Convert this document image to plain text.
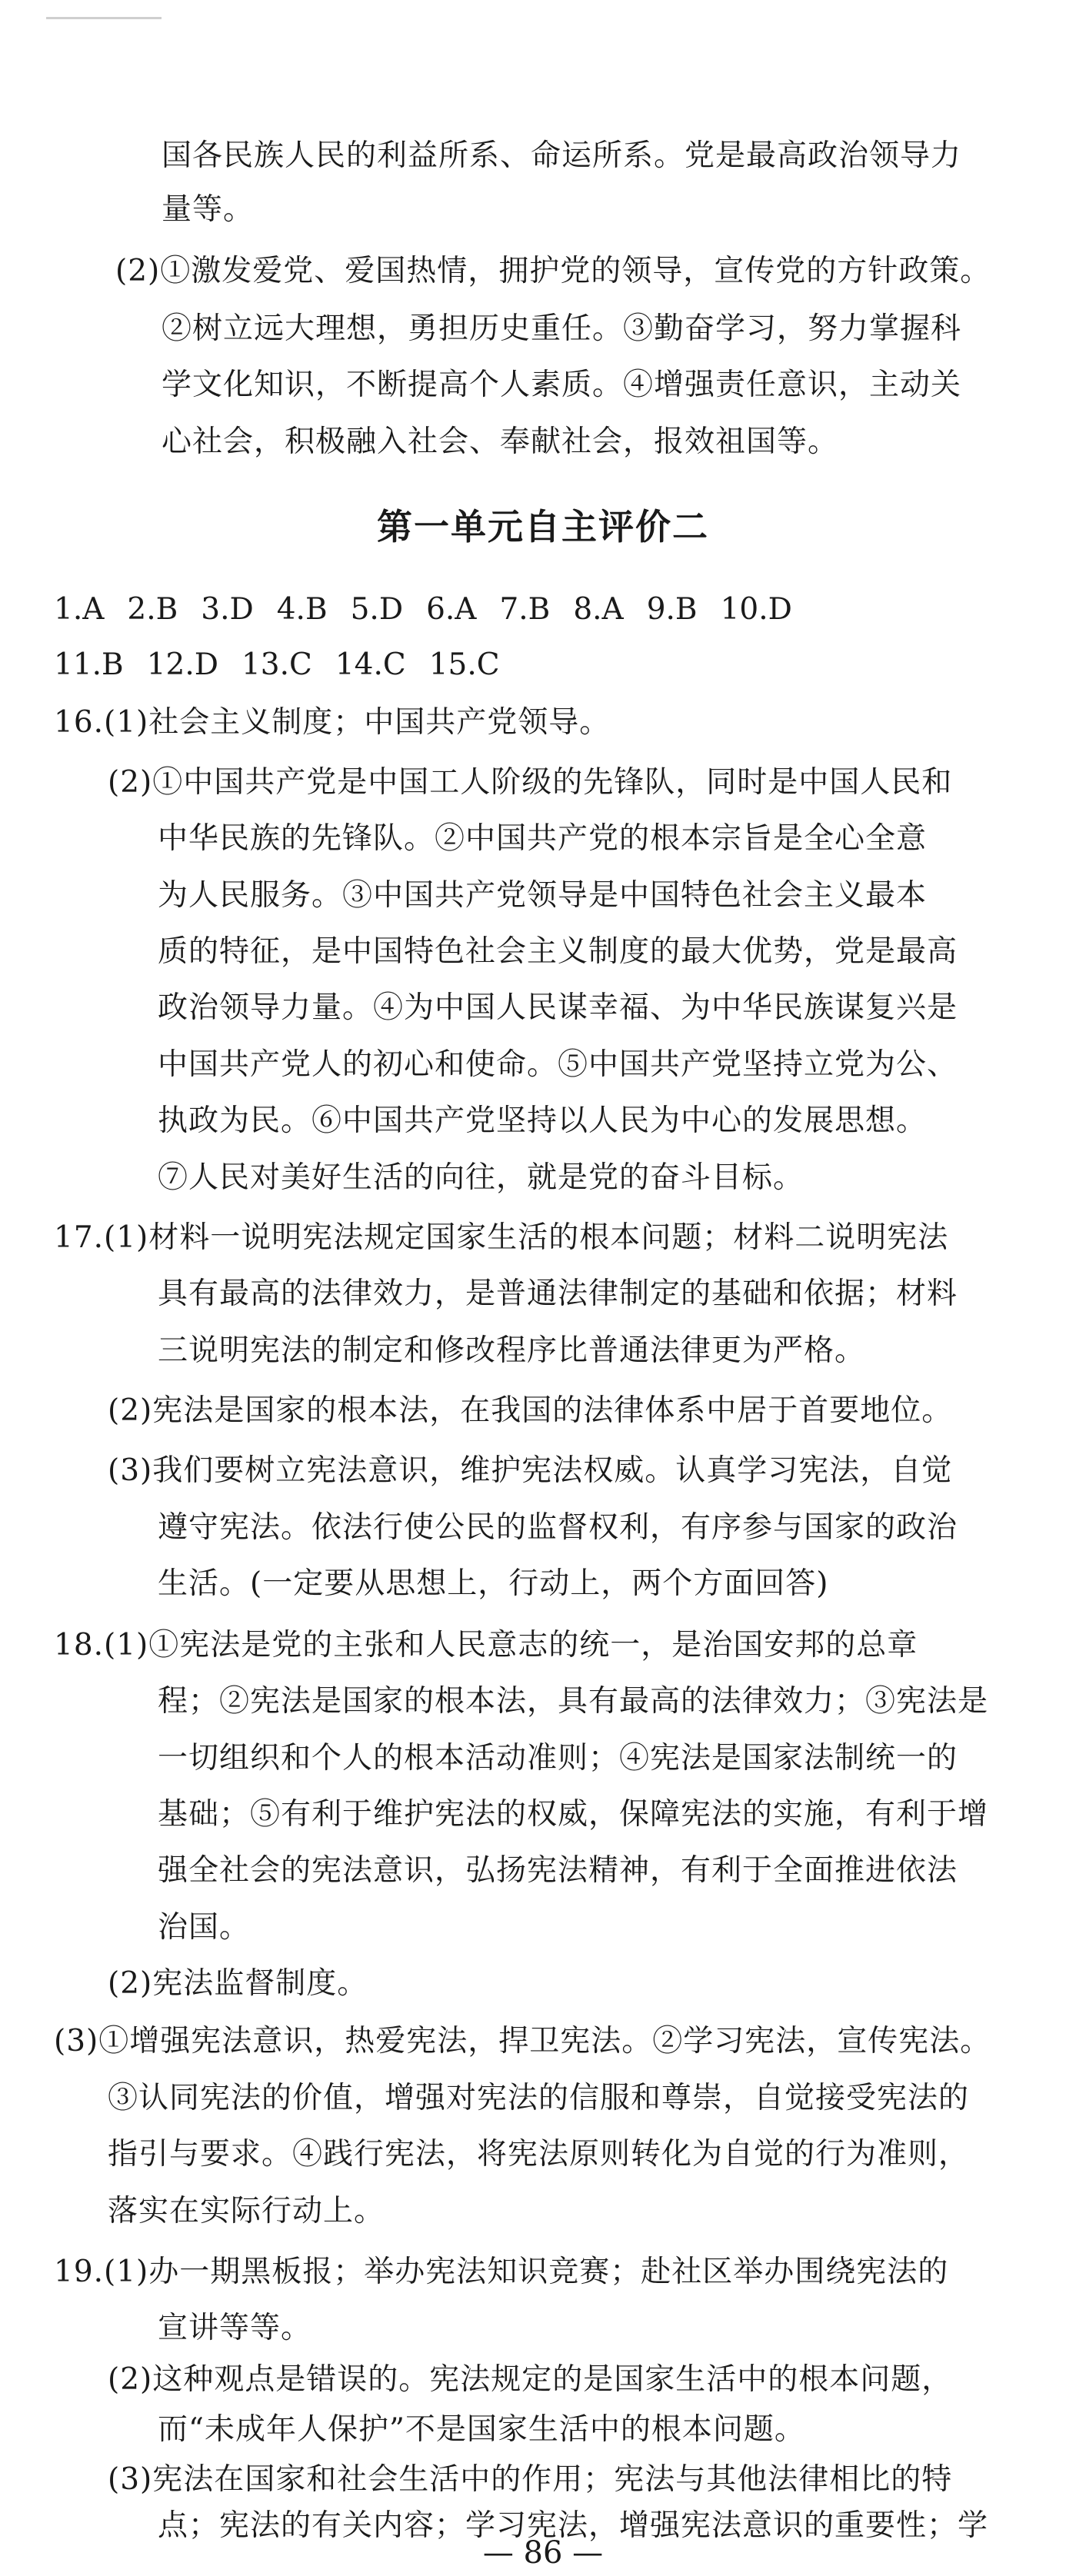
国各民族人民的利益所系、命运所系。党是最高政治领导力
量等。
(2)①激发爱党、爱国热情，拥护党的领导，宣传党的方针政策。
②树立远大理想，勇担历史重任。③勤奋学习，努力掌握科
学文化知识，不断提高个人素质。④增强责任意识，主动关
心社会，积极融入社会、奉献社会，报效祖国等。
第一单元自主评价二
1.A 2.B 3.D 4.B 5.D 6.A 7.B 8.A 9.B 10.D
11.B 12.D 13.C 14.C 15.C
16.(1)社会主义制度；中国共产党领导。
(2)①中国共产党是中国工人阶级的先锋队，同时是中国人民和
中华民族的先锋队。②中国共产党的根本宗旨是全心全意
为人民服务。③中国共产党领导是中国特色社会主义最本
质的特征，是中国特色社会主义制度的最大优势，党是最高
政治领导力量。④为中国人民谋幸福、为中华民族谋复兴是
中国共产党人的初心和使命。⑤中国共产党坚持立党为公、
执政为民。⑥中国共产党坚持以人民为中心的发展思想。
⑦人民对美好生活的向往，就是党的奋斗目标。
17.(1)材料一说明宪法规定国家生活的根本问题；材料二说明宪法
具有最高的法律效力，是普通法律制定的基础和依据；材料
三说明宪法的制定和修改程序比普通法律更为严格。
(2)宪法是国家的根本法，在我国的法律体系中居于首要地位。
(3)我们要树立宪法意识，维护宪法权威。认真学习宪法，自觉
遵守宪法。依法行使公民的监督权利，有序参与国家的政治
生活。(一定要从思想上，行动上，两个方面回答)
18.(1)①宪法是党的主张和人民意志的统一，是治国安邦的总章
程；②宪法是国家的根本法，具有最高的法律效力；③宪法是
一切组织和个人的根本活动准则；④宪法是国家法制统一的
基础；⑤有利于维护宪法的权威，保障宪法的实施，有利于增
强全社会的宪法意识，弘扬宪法精神，有利于全面推进依法
治国。
(2)宪法监督制度。
(3)①增强宪法意识，热爱宪法，捍卫宪法。②学习宪法，宣传宪法。
③认同宪法的价值，增强对宪法的信服和尊崇，自觉接受宪法的
指引与要求。④践行宪法，将宪法原则转化为自觉的行为准则，
落实在实际行动上。
19.(1)办一期黑板报；举办宪法知识竞赛；赴社区举办围绕宪法的
宣讲等等。
(2)这种观点是错误的。宪法规定的是国家生活中的根本问题，
而“未成年人保护”不是国家生活中的根本问题。
(3)宪法在国家和社会生活中的作用；宪法与其他法律相比的特
点；宪法的有关内容；学习宪法，增强宪法意识的重要性；学
— 86 —
